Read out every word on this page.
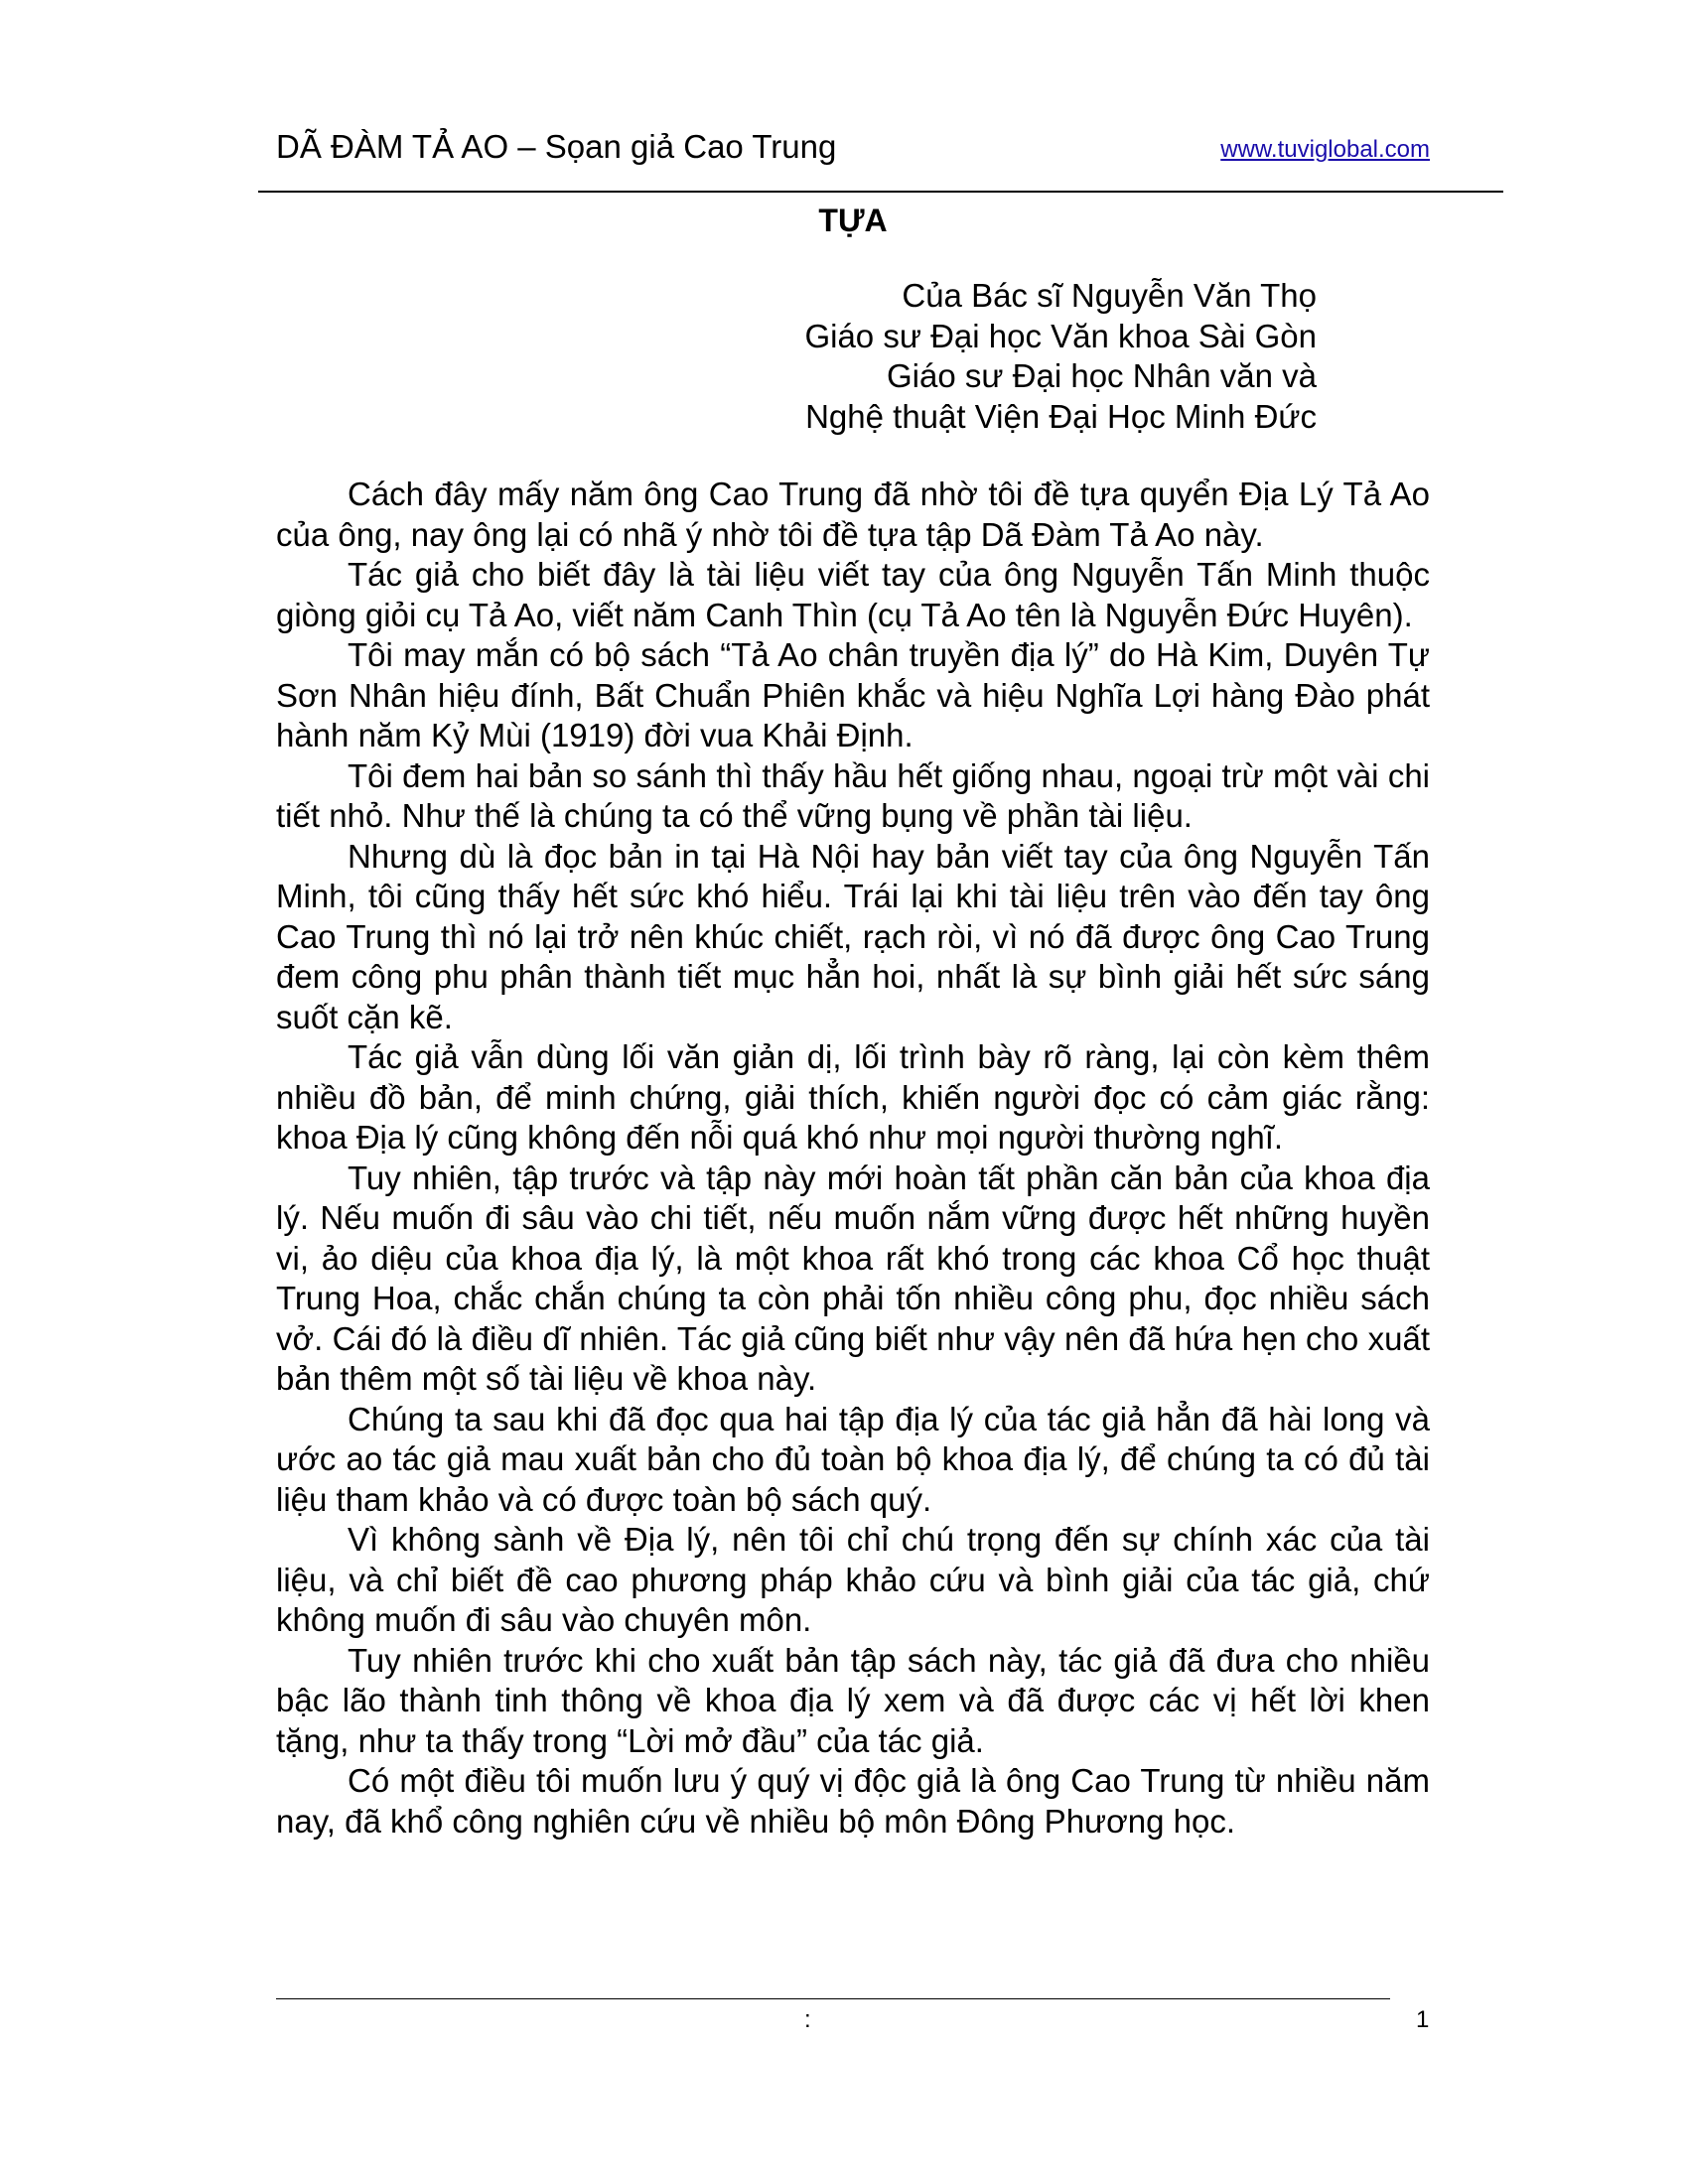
DÃ ĐÀM TẢ AO – Sọan giả Cao Trung	www.tuviglobal.com
TỰA
Của Bác sĩ Nguyễn Văn Thọ
Giáo sư Đại học Văn khoa Sài Gòn
Giáo sư Đại học Nhân văn và
Nghệ thuật Viện Đại Học Minh Đức

Cách đây mấy năm ông Cao Trung đã nhờ tôi đề tựa quyển Địa Lý Tả Ao của ông, nay ông lại có nhã ý nhờ tôi đề tựa tập Dã Đàm Tả Ao này.

Tác giả cho biết đây là tài liệu viết tay của ông Nguyễn Tấn Minh thuộc giòng giỏi cụ Tả Ao, viết năm Canh Thìn (cụ Tả Ao tên là Nguyễn Đức Huyên).

Tôi may mắn có bộ sách “Tả Ao chân truyền địa lý” do Hà Kim, Duyên Tự Sơn Nhân hiệu đính, Bất Chuẩn Phiên khắc và hiệu Nghĩa Lợi hàng Đào phát hành năm Kỷ Mùi (1919) đời vua Khải Định.

Tôi đem hai bản so sánh thì thấy hầu hết giống nhau, ngoại trừ một vài chi tiết nhỏ. Như thế là chúng ta có thể vững bụng về phần tài liệu.

Nhưng dù là đọc bản in tại Hà Nội hay bản viết tay của ông Nguyễn Tấn Minh, tôi cũng thấy hết sức khó hiểu. Trái lại khi tài liệu trên vào đến tay ông Cao Trung thì nó lại trở nên khúc chiết, rạch ròi, vì nó đã được ông Cao Trung đem công phu phân thành tiết mục hẳn hoi, nhất là sự bình giải hết sức sáng suốt cặn kẽ.

Tác giả vẫn dùng lối văn giản dị, lối trình bày rõ ràng, lại còn kèm thêm nhiều đồ bản, để minh chứng, giải thích, khiến người đọc có cảm giác rằng: khoa Địa lý cũng không đến nỗi quá khó như mọi người thường nghĩ.

Tuy nhiên, tập trước và tập này mới hoàn tất phần căn bản của khoa địa lý. Nếu muốn đi sâu vào chi tiết, nếu muốn nắm vững được hết những huyền vi, ảo diệu của khoa địa lý, là một khoa rất khó trong các khoa Cổ học thuật Trung Hoa, chắc chắn chúng ta còn phải tốn nhiều công phu, đọc nhiều sách vở. Cái đó là điều dĩ nhiên. Tác giả cũng biết như vậy nên đã hứa hẹn cho xuất bản thêm một số tài liệu về khoa này.

Chúng ta sau khi đã đọc qua hai tập địa lý của tác giả hẳn đã hài long và ước ao tác giả mau xuất bản cho đủ toàn bộ khoa địa lý, để chúng ta có đủ tài liệu tham khảo và có được toàn bộ sách quý.

Vì không sành về Địa lý, nên tôi chỉ chú trọng đến sự chính xác của tài liệu, và chỉ biết đề cao phương pháp khảo cứu và bình giải của tác giả, chứ không muốn đi sâu vào chuyên môn.

Tuy nhiên trước khi cho xuất bản tập sách này, tác giả đã đưa cho nhiều bậc lão thành tinh thông về khoa địa lý xem và đã được các vị hết lời khen tặng, như ta thấy trong “Lời mở đầu” của tác giả.

Có một điều tôi muốn lưu ý quý vị độc giả là ông Cao Trung từ nhiều năm nay, đã khổ công nghiên cứu về nhiều bộ môn Đông Phương học.

:	1
